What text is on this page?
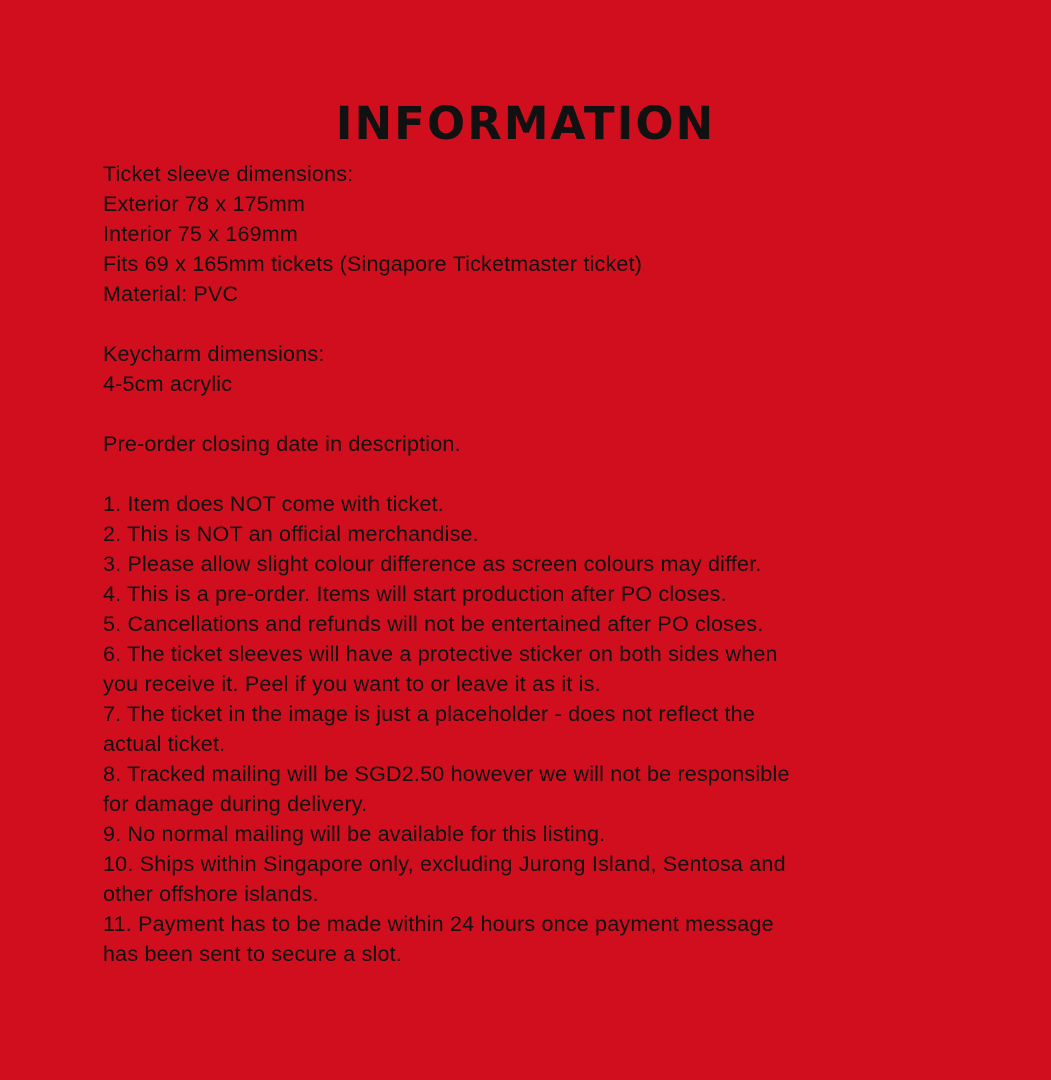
INFORMATION
Ticket sleeve dimensions:
Exterior 78 x 175mm
Interior 75 x 169mm
Fits 69 x 165mm tickets (Singapore Ticketmaster ticket)
Material: PVC
Keycharm dimensions:
4-5cm acrylic
Pre-order closing date in description.
1. Item does NOT come with ticket.
2. This is NOT an official merchandise.
3. Please allow slight colour difference as screen colours may differ.
4. This is a pre-order. Items will start production after PO closes.
5. Cancellations and refunds will not be entertained after PO closes.
6. The ticket sleeves will have a protective sticker on both sides when
you receive it. Peel if you want to or leave it as it is.
7. The ticket in the image is just a placeholder - does not reflect the
actual ticket.
8. Tracked mailing will be SGD2.50 however we will not be responsible
for damage during delivery.
9. No normal mailing will be available for this listing.
10. Ships within Singapore only, excluding Jurong Island, Sentosa and
other offshore islands.
11. Payment has to be made within 24 hours once payment message
has been sent to secure a slot.
